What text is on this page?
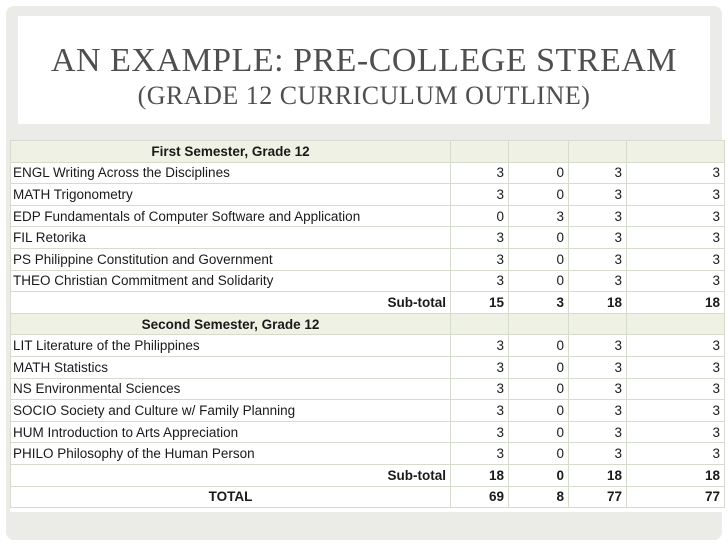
AN EXAMPLE: PRE-COLLEGE STREAM
(GRADE 12 CURRICULUM OUTLINE)
First Semester, Grade 12				
ENGL Writing Across the Disciplines	3	0	3	3
MATH Trigonometry	3	0	3	3
EDP Fundamentals of Computer Software and Application	0	3	3	3
FIL Retorika	3	0	3	3
PS Philippine Constitution and Government	3	0	3	3
THEO Christian Commitment and Solidarity	3	0	3	3
Sub-total	15	3	18	18
Second Semester, Grade 12				
LIT Literature of the Philippines	3	0	3	3
MATH Statistics	3	0	3	3
NS Environmental Sciences	3	0	3	3
SOCIO Society and Culture w/ Family Planning	3	0	3	3
HUM Introduction to Arts Appreciation	3	0	3	3
PHILO Philosophy of the Human Person	3	0	3	3
Sub-total	18	0	18	18
TOTAL	69	8	77	77
